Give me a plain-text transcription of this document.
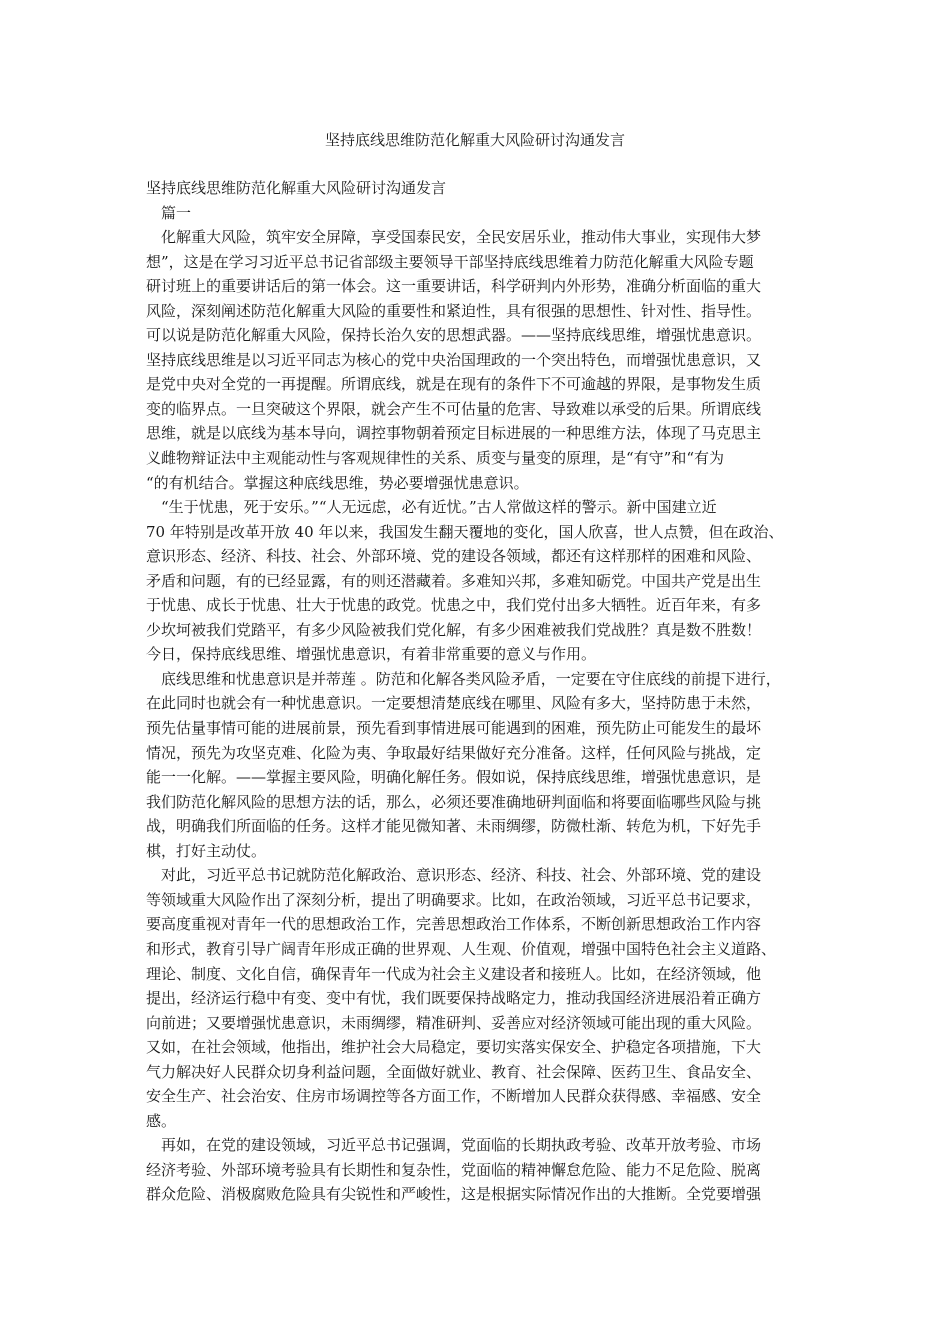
坚持底线思维防范化解重大风险研讨沟通发言
坚持底线思维防范化解重大风险研讨沟通发言
篇一
化解重大风险，筑牢安全屏障，享受国泰民安，全民安居乐业，推动伟大事业，实现伟大梦
想”，这是在学习习近平总书记省部级主要领导干部坚持底线思维着力防范化解重大风险专题
研讨班上的重要讲话后的第一体会。这一重要讲话，科学研判内外形势，准确分析面临的重大
风险，深刻阐述防范化解重大风险的重要性和紧迫性，具有很强的思想性、针对性、指导性。
可以说是防范化解重大风险，保持长治久安的思想武器。——坚持底线思维，增强忧患意识。
坚持底线思维是以习近平同志为核心的党中央治国理政的一个突出特色，而增强忧患意识，又
是党中央对全党的一再提醒。所谓底线，就是在现有的条件下不可逾越的界限，是事物发生质
变的临界点。一旦突破这个界限，就会产生不可估量的危害、导致难以承受的后果。所谓底线
思维，就是以底线为基本导向，调控事物朝着预定目标进展的一种思维方法，体现了马克思主
义雌物辩证法中主观能动性与客观规律性的关系、质变与量变的原理，是“有守”和“有为
“的有机结合。掌握这种底线思维，势必要增强忧患意识。
“生于忧患，死于安乐。”“人无远虑，必有近忧。”古人常做这样的警示。新中国建立近
70 年特别是改革开放 40 年以来，我国发生翻天覆地的变化，国人欣喜，世人点赞，但在政治、
意识形态、经济、科技、社会、外部环境、党的建设各领域，都还有这样那样的困难和风险、
矛盾和问题，有的已经显露，有的则还潜藏着。多难知兴邦，多难知砺党。中国共产党是出生
于忧患、成长于忧患、壮大于忧患的政党。忧患之中，我们党付出多大牺牲。近百年来，有多
少坎坷被我们党踏平，有多少风险被我们党化解，有多少困难被我们党战胜？真是数不胜数！
今日，保持底线思维、增强忧患意识，有着非常重要的意义与作用。
底线思维和忧患意识是并蒂莲 。防范和化解各类风险矛盾，一定要在守住底线的前提下进行，
在此同时也就会有一种忧患意识。一定要想清楚底线在哪里、风险有多大，坚持防患于未然，
预先估量事情可能的进展前景，预先看到事情进展可能遇到的困难，预先防止可能发生的最坏
情况，预先为攻坚克难、化险为夷、争取最好结果做好充分准备。这样，任何风险与挑战，定
能一一化解。——掌握主要风险，明确化解任务。假如说，保持底线思维，增强忧患意识，是
我们防范化解风险的思想方法的话，那么，必须还要准确地研判面临和将要面临哪些风险与挑
战，明确我们所面临的任务。这样才能见微知著、未雨绸缪，防微杜渐、转危为机，下好先手
棋，打好主动仗。
对此，习近平总书记就防范化解政治、意识形态、经济、科技、社会、外部环境、党的建设
等领域重大风险作出了深刻分析，提出了明确要求。比如，在政治领域，习近平总书记要求，
要高度重视对青年一代的思想政治工作，完善思想政治工作体系，不断创新思想政治工作内容
和形式，教育引导广阔青年形成正确的世界观、人生观、价值观，增强中国特色社会主义道路、
理论、制度、文化自信，确保青年一代成为社会主义建设者和接班人。比如，在经济领域，他
提出，经济运行稳中有变、变中有忧，我们既要保持战略定力，推动我国经济进展沿着正确方
向前进；又要增强忧患意识，未雨绸缪，精准研判、妥善应对经济领域可能出现的重大风险。
又如，在社会领域，他指出，维护社会大局稳定，要切实落实保安全、护稳定各项措施，下大
气力解决好人民群众切身利益问题，全面做好就业、教育、社会保障、医药卫生、食品安全、
安全生产、社会治安、住房市场调控等各方面工作，不断增加人民群众获得感、幸福感、安全
感。
再如，在党的建设领域，习近平总书记强调，党面临的长期执政考验、改革开放考验、市场
经济考验、外部环境考验具有长期性和复杂性，党面临的精神懈怠危险、能力不足危险、脱离
群众危险、消极腐败危险具有尖锐性和严峻性，这是根据实际情况作出的大推断。全党要增强
